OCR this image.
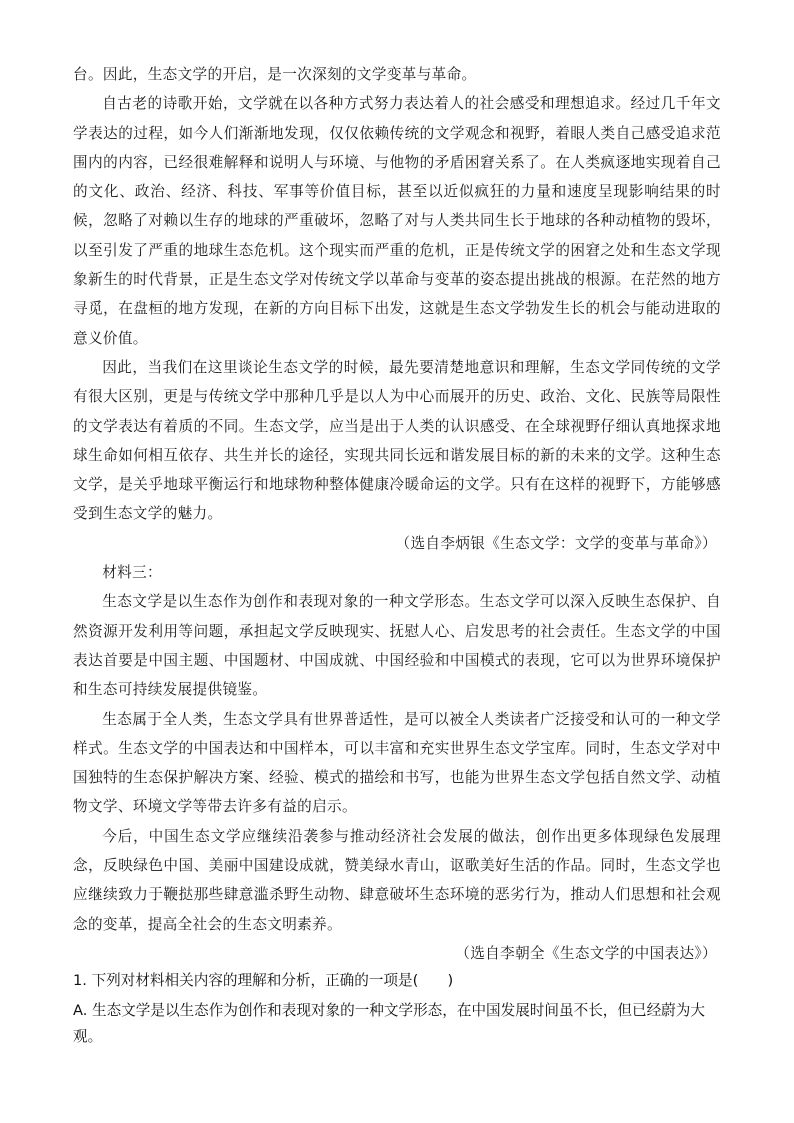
台。因此，生态文学的开启，是一次深刻的文学变革与革命。

自古老的诗歌开始，文学就在以各种方式努力表达着人的社会感受和理想追求。经过几千年文学表达的过程，如今人们渐渐地发现，仅仅依赖传统的文学观念和视野，着眼人类自己感受追求范围内的内容，已经很难解释和说明人与环境、与他物的矛盾困窘关系了。在人类疯逐地实现着自己的文化、政治、经济、科技、军事等价值目标，甚至以近似疯狂的力量和速度呈现影响结果的时候，忽略了对赖以生存的地球的严重破坏，忽略了对与人类共同生长于地球的各种动植物的毁坏，以至引发了严重的地球生态危机。这个现实而严重的危机，正是传统文学的困窘之处和生态文学现象新生的时代背景，正是生态文学对传统文学以革命与变革的姿态提出挑战的根源。在茫然的地方寻觅，在盘桓的地方发现，在新的方向目标下出发，这就是生态文学勃发生长的机会与能动进取的意义价值。

因此，当我们在这里谈论生态文学的时候，最先要清楚地意识和理解，生态文学同传统的文学有很大区别，更是与传统文学中那种几乎是以人为中心而展开的历史、政治、文化、民族等局限性的文学表达有着质的不同。生态文学，应当是出于人类的认识感受、在全球视野仔细认真地探求地球生命如何相互依存、共生并长的途径，实现共同长远和谐发展目标的新的未来的文学。这种生态文学，是关乎地球平衡运行和地球物种整体健康冷暖命运的文学。只有在这样的视野下，方能够感受到生态文学的魅力。

（选自李炳银《生态文学：文学的变革与革命》）

材料三：

生态文学是以生态作为创作和表现对象的一种文学形态。生态文学可以深入反映生态保护、自然资源开发利用等问题，承担起文学反映现实、抚慰人心、启发思考的社会责任。生态文学的中国表达首要是中国主题、中国题材、中国成就、中国经验和中国模式的表现，它可以为世界环境保护和生态可持续发展提供镜鉴。

生态属于全人类，生态文学具有世界普适性，是可以被全人类读者广泛接受和认可的一种文学样式。生态文学的中国表达和中国样本，可以丰富和充实世界生态文学宝库。同时，生态文学对中国独特的生态保护解决方案、经验、模式的描绘和书写，也能为世界生态文学包括自然文学、动植物文学、环境文学等带去许多有益的启示。

今后，中国生态文学应继续沿袭参与推动经济社会发展的做法，创作出更多体现绿色发展理念，反映绿色中国、美丽中国建设成就，赞美绿水青山，讴歌美好生活的作品。同时，生态文学也应继续致力于鞭挞那些肆意滥杀野生动物、肆意破坏生态环境的恶劣行为，推动人们思想和社会观念的变革，提高全社会的生态文明素养。

（选自李朝全《生态文学的中国表达》）

1. 下列对材料相关内容的理解和分析，正确的一项是(　　)
A. 生态文学是以生态作为创作和表现对象的一种文学形态，在中国发展时间虽不长，但已经蔚为大观。
